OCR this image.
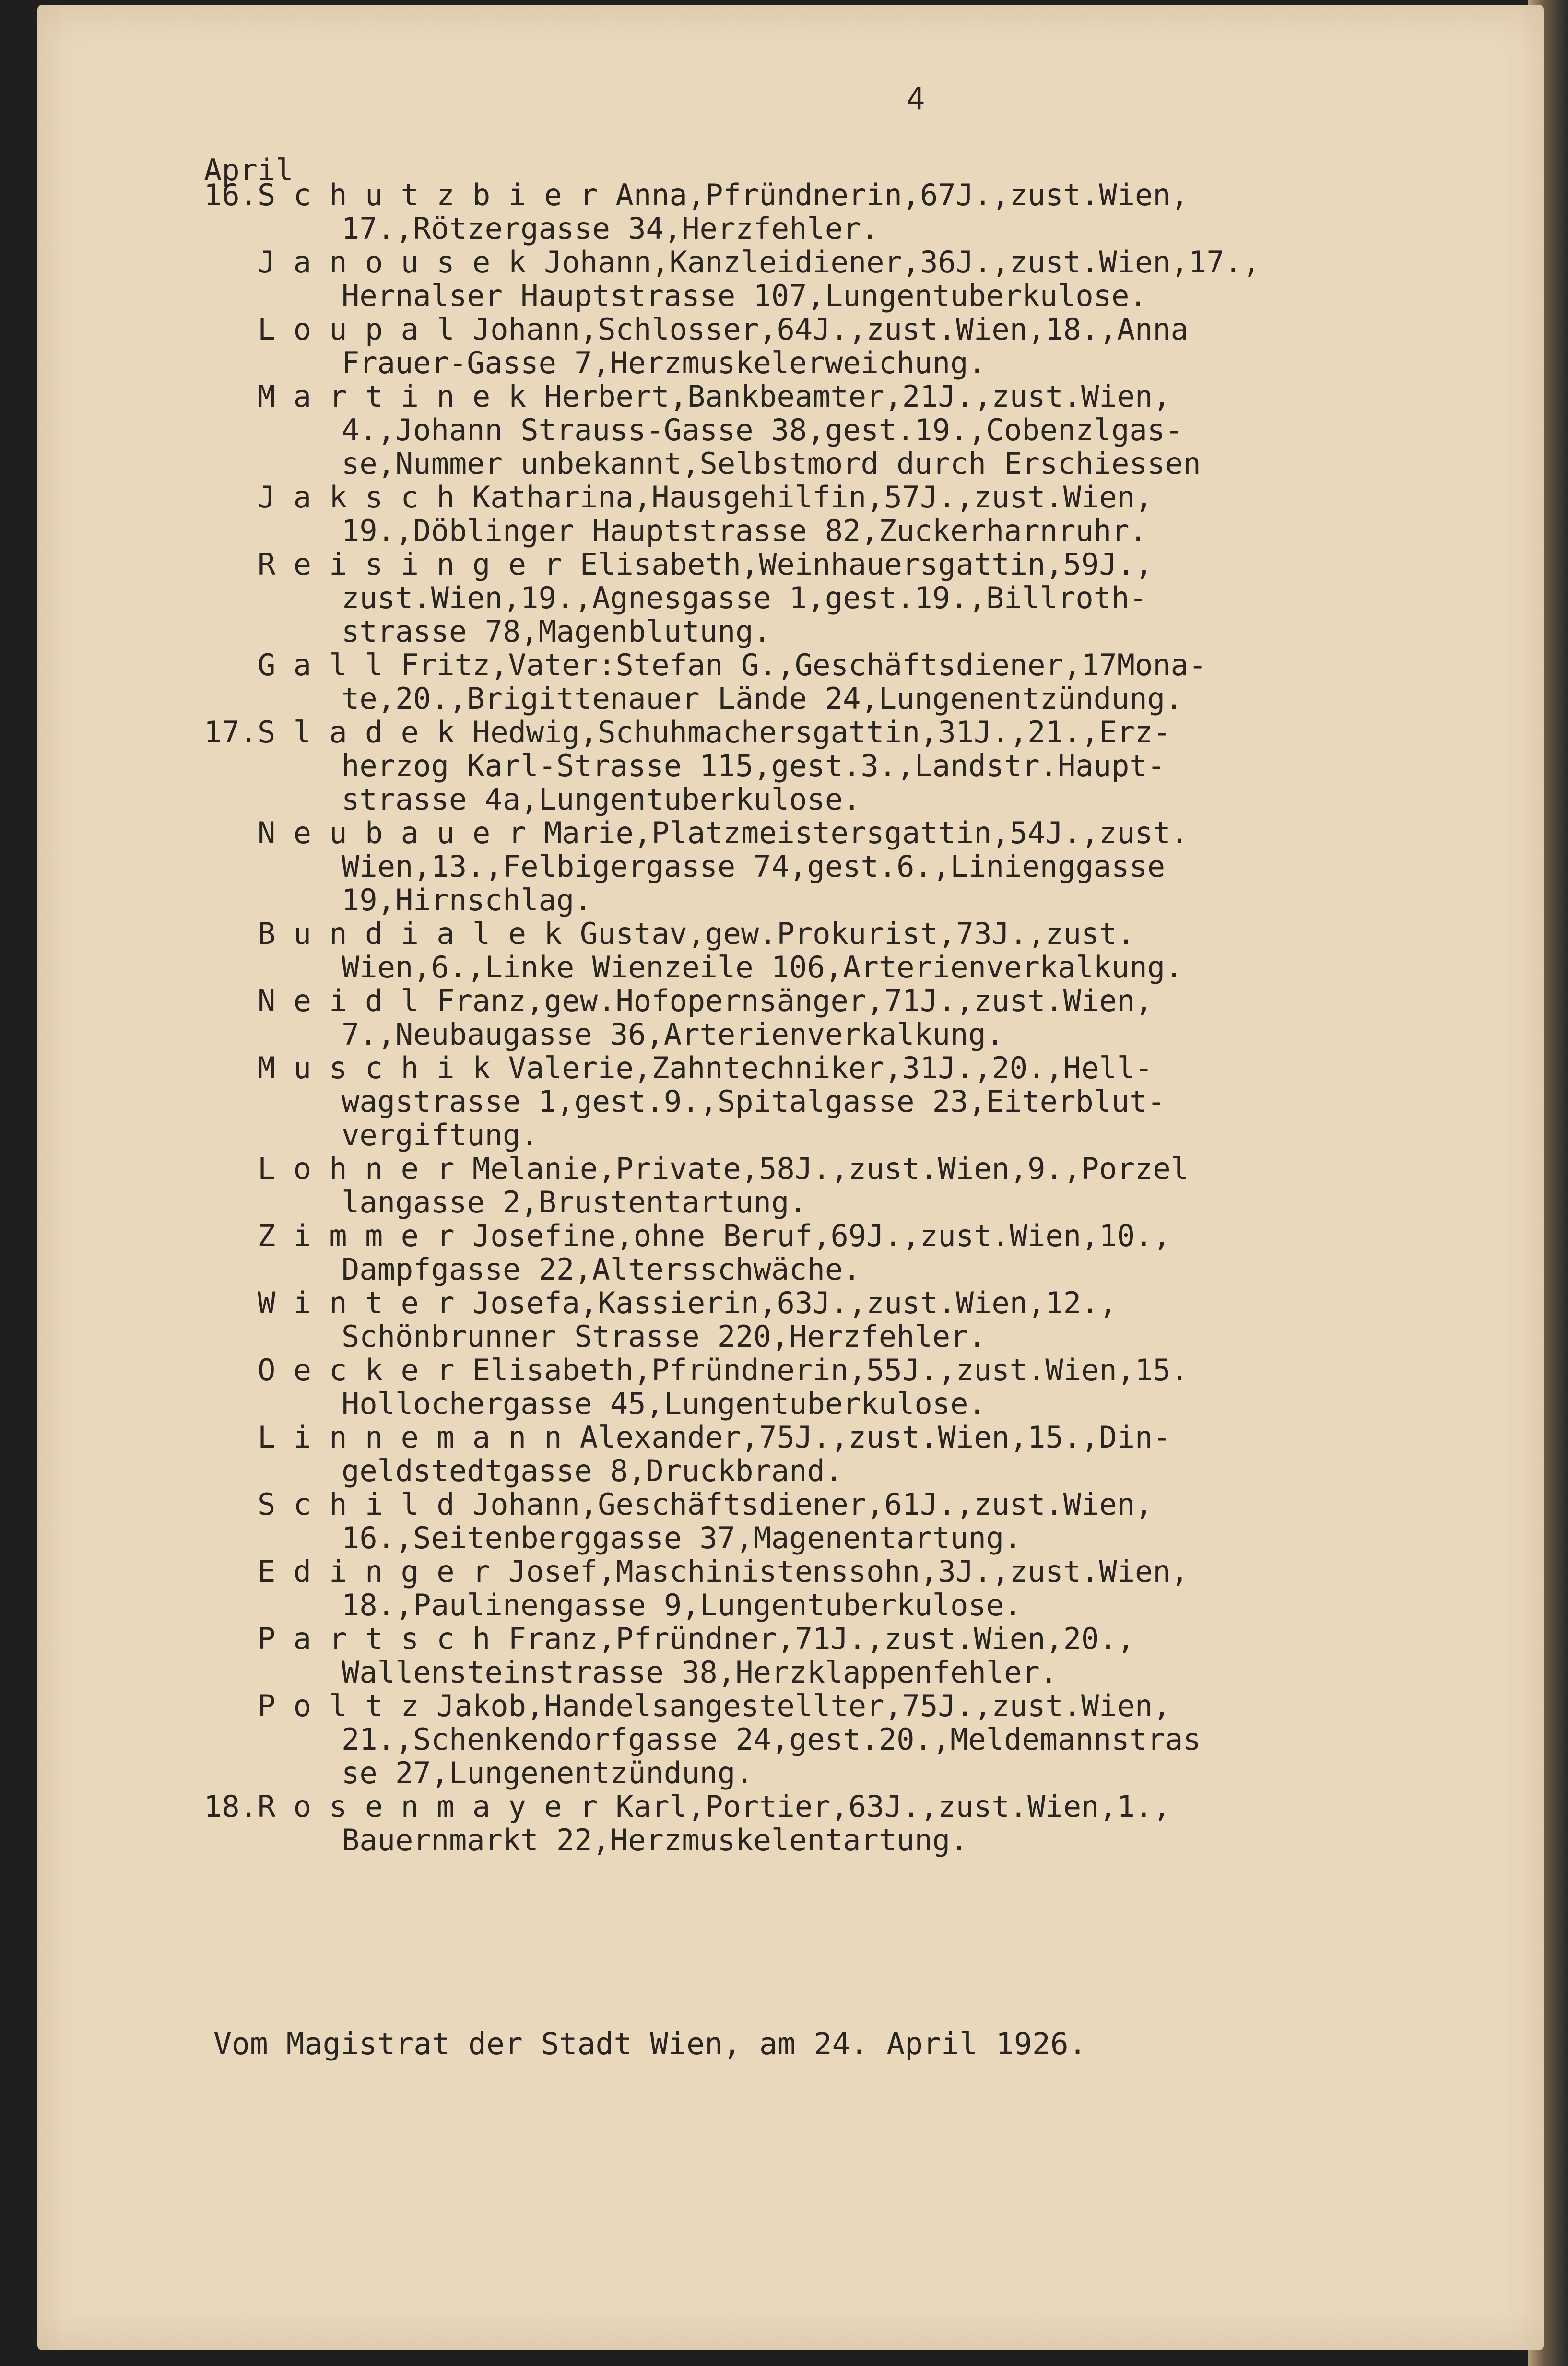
4
April
16. S c h u t z b i e r Anna,Pfründnerin,67J.,zust.Wien,
17.,Rötzergasse 34,Herzfehler.
J a n o u s e k Johann,Kanzleidiener,36J.,zust.Wien,17.,
Hernalser Hauptstrasse 107,Lungentuberkulose.
L o u p a l Johann,Schlosser,64J.,zust.Wien,18.,Anna
Frauer-Gasse 7,Herzmuskelerweichung.
M a r t i n e k Herbert,Bankbeamter,21J.,zust.Wien,
4.,Johann Strauss-Gasse 38,gest.19.,Cobenzlgas-
se,Nummer unbekannt,Selbstmord durch Erschiessen
J a k s c h Katharina,Hausgehilfin,57J.,zust.Wien,
19.,Döblinger Hauptstrasse 82,Zuckerharnruhr.
R e i s i n g e r Elisabeth,Weinhauersgattin,59J.,
zust.Wien,19.,Agnesgasse 1,gest.19.,Billroth-
strasse 78,Magenblutung.
G a l l Fritz,Vater:Stefan G.,Geschäftsdiener,17Mona-
te,20.,Brigittenauer Lände 24,Lungenentzündung.
17. S l a d e k Hedwig,Schuhmachersgattin,31J.,21.,Erz-
herzog Karl-Strasse 115,gest.3.,Landstr.Haupt-
strasse 4a,Lungentuberkulose.
N e u b a u e r Marie,Platzmeistersgattin,54J.,zust.
Wien,13.,Felbigergasse 74,gest.6.,Linienggasse
19,Hirnschlag.
B u n d i a l e k Gustav,gew.Prokurist,73J.,zust.
Wien,6.,Linke Wienzeile 106,Arterienverkalkung.
N e i d l Franz,gew.Hofopernsänger,71J.,zust.Wien,
7.,Neubaugasse 36,Arterienverkalkung.
M u s c h i k Valerie,Zahntechniker,31J.,20.,Hell-
wagstrasse 1,gest.9.,Spitalgasse 23,Eiterblut-
vergiftung.
L o h n e r Melanie,Private,58J.,zust.Wien,9.,Porzel
langasse 2,Brustentartung.
Z i m m e r Josefine,ohne Beruf,69J.,zust.Wien,10.,
Dampfgasse 22,Altersschwäche.
W i n t e r Josefa,Kassierin,63J.,zust.Wien,12.,
Schönbrunner Strasse 220,Herzfehler.
O e c k e r Elisabeth,Pfründnerin,55J.,zust.Wien,15.
Hollochergasse 45,Lungentuberkulose.
L i n n e m a n n Alexander,75J.,zust.Wien,15.,Din-
geldstedtgasse 8,Druckbrand.
S c h i l d Johann,Geschäftsdiener,61J.,zust.Wien,
16.,Seitenberggasse 37,Magenentartung.
E d i n g e r Josef,Maschinistenssohn,3J.,zust.Wien,
18.,Paulinengasse 9,Lungentuberkulose.
P a r t s c h Franz,Pfründner,71J.,zust.Wien,20.,
Wallensteinstrasse 38,Herzklappenfehler.
P o l t z Jakob,Handelsangestellter,75J.,zust.Wien,
21.,Schenkendorfgasse 24,gest.20.,Meldemannstras
se 27,Lungenentzündung.
18. R o s e n m a y e r Karl,Portier,63J.,zust.Wien,1.,
Bauernmarkt 22,Herzmuskelentartung.
Vom Magistrat der Stadt Wien, am 24. April 1926.
